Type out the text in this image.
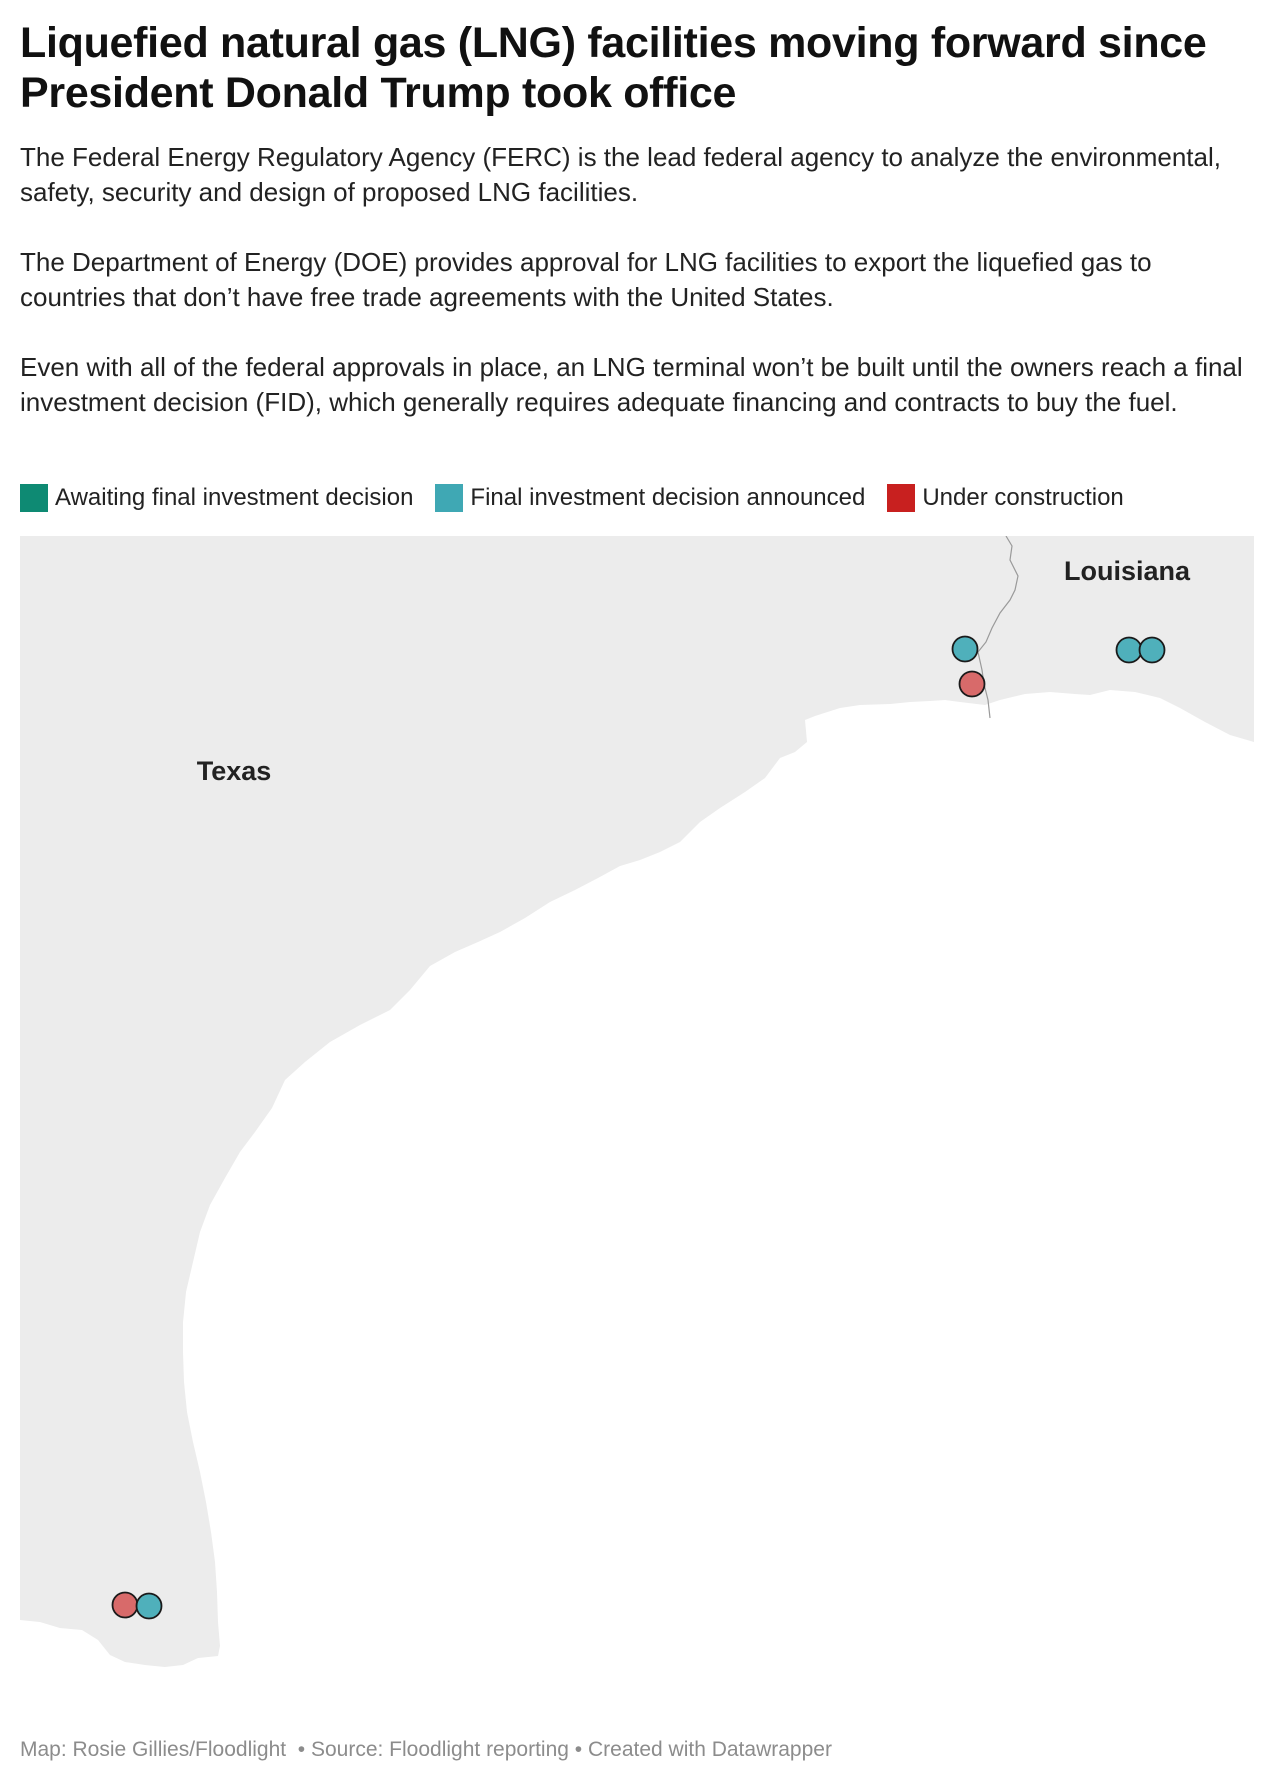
Liquefied natural gas (LNG) facilities moving forward since President Donald Trump took office

The Federal Energy Regulatory Agency (FERC) is the lead federal agency to analyze the environmental, safety, security and design of proposed LNG facilities.

The Department of Energy (DOE) provides approval for LNG facilities to export the liquefied gas to countries that don’t have free trade agreements with the United States.

Even with all of the federal approvals in place, an LNG terminal won’t be built until the owners reach a final investment decision (FID), which generally requires adequate financing and contracts to buy the fuel.

Awaiting final investment decision Final investment decision announced Under construction
Louisiana
Texas
Map: Rosie Gillies/Floodlight  • Source: Floodlight reporting • Created with Datawrapper
